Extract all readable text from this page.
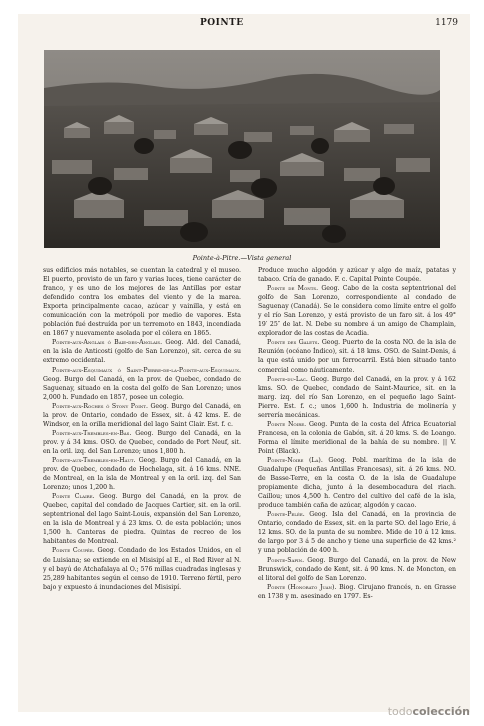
POINTE	1179
Pointe-à-Pitre.—Vista general

sus edificios más notables, se cuentan la catedral y el museo. El puerto, provisto de un faro y varias luces, tiene carácter de franco, y es uno de los mejores de las Antillas por estar defendido contra los embates del viento y de la marea. Exporta principalmente cacao, azúcar y vainilla, y está en comunicación con la metrópoli por medio de vapores. Esta población fué destruída por un terremoto en 1843, incendiada en 1867 y nuevamente asolada por el cólera en 1865.

Pointe-aux-Anglais ó Baie-des-Anglais. Geog. Ald. del Canadá, en la isla de Anticosti (golfo de San Lorenzo), sit. cerca de su extremo occidental.

Pointe-aux-Esquimaux ó Saint-Pierre-de-la-Pointe-aux-Esquimaux. Geog. Burgo del Canadá, en la prov. de Quebec, condado de Saguenay, situado en la costa del golfo de San Lorenzo; unos 2,000 h. Fundado en 1857, posee un colegio.

Pointe-aux-Roches ó Stony Point. Geog. Burgo del Canadá, en la prov. de Ontario, condado de Essex, sit. á 42 kms. E. de Windsor, en la orilla meridional del lago Saint Clair. Est. f. c.

Pointe-aux-Trembles-en-Bas. Geog. Burgo del Canadá, en la prov. y á 34 kms. OSO. de Quebec, condado de Port Neuf, sit. en la oril. izq. del San Lorenzo; unos 1,800 h.

Pointe-aux-Trembles-en-Haut. Geog. Burgo del Canadá, en la prov. de Quebec, condado de Hochelaga, sit. á 16 kms. NNE. de Montreal, en la isla de Montreal y en la oril. izq. del San Lorenzo; unos 1,200 h.

Pointe Claire. Geog. Burgo del Canadá, en la prov. de Quebec, capital del condado de Jacques Cartier, sit. en la oril. septentrional del lago Saint-Louis, expansión del San Lorenzo, en la isla de Montreal y á 23 kms. O. de esta población; unos 1,500 h. Canteras de piedra. Quintas de recreo de los habitantes de Montreal.

Pointe Coupée. Geog. Condado de los Estados Unidos, en el de Luisiana; se extiende en el Misisipí al E., el Red River al N. y el bayú de Atchafalaya al O.; 576 millas cuadradas inglesas y 25,289 habitantes según el censo de 1910. Terreno fértil, pero bajo y expuesto á inundaciones del Misisipí.

Produce mucho algodón y azúcar y algo de maíz, patatas y tabaco. Cría de ganado. F. c. Capital Pointe Coupée.

Pointe de Monts. Geog. Cabo de la costa septentrional del golfo de San Lorenzo, correspondiente al condado de Saguenay (Canadá). Se le considera como límite entre el golfo y el río San Lorenzo, y está provisto de un faro sit. á los 49° 19′ 25″ de lat. N. Debe su nombre á un amigo de Champlain, explorador de las costas de Acadia.

Pointe des Galets. Geog. Puerto de la costa NO. de la isla de Reunión (océano Índico), sit. á 18 kms. OSO. de Saint-Denis, á la que está unido por un ferrocarril. Está bien situado tanto comercial como náuticamente.

Pointe-du-Lac. Geog. Burgo del Canadá, en la prov. y á 162 kms. SO. de Quebec, condado de Saint-Maurice, sit. en la marg. izq. del río San Lorenzo, en el pequeño lago Saint-Pierre. Est. f. c.; unos 1,600 h. Industria de molinería y serrería mecánicas.

Pointe Noire. Geog. Punta de la costa del África Ecuatorial Francesa, en la colonia de Gabón, sit. á 20 kms. S. de Loango. Forma el límite meridional de la bahía de su nombre. || V. Point (Black).

Pointe-Noire (La). Geog. Pobl. marítima de la isla de Guadalupe (Pequeñas Antillas Francesas), sit. á 26 kms. NO. de Basse-Terre, en la costa O. de la isla de Guadalupe propiamente dicha, junto á la desembocadura del riach. Caillou; unos 4,500 h. Centro del cultivo del café de la isla, produce también caña de azúcar, algodón y cacao.

Pointe-Pelée. Geog. Isla del Canadá, en la provincia de Ontario, condado de Essex, sit. en la parte SO. del lago Erie, á 12 kms. SO. de la punta de su nombre. Mide de 10 á 12 kms. de largo por 3 á 5 de ancho y tiene una superficie de 42 kms.² y una población de 400 h.

Pointe-Sapin. Geog. Burgo del Canadá, en la prov. de New Brunswick, condado de Kent, sit. á 90 kms. N. de Moncton, en el litoral del golfo de San Lorenzo.

Pointe (Honorato Juan). Biog. Cirujano francés, n. en Grasse en 1738 y m. asesinado en 1797. Es-

todocolección
